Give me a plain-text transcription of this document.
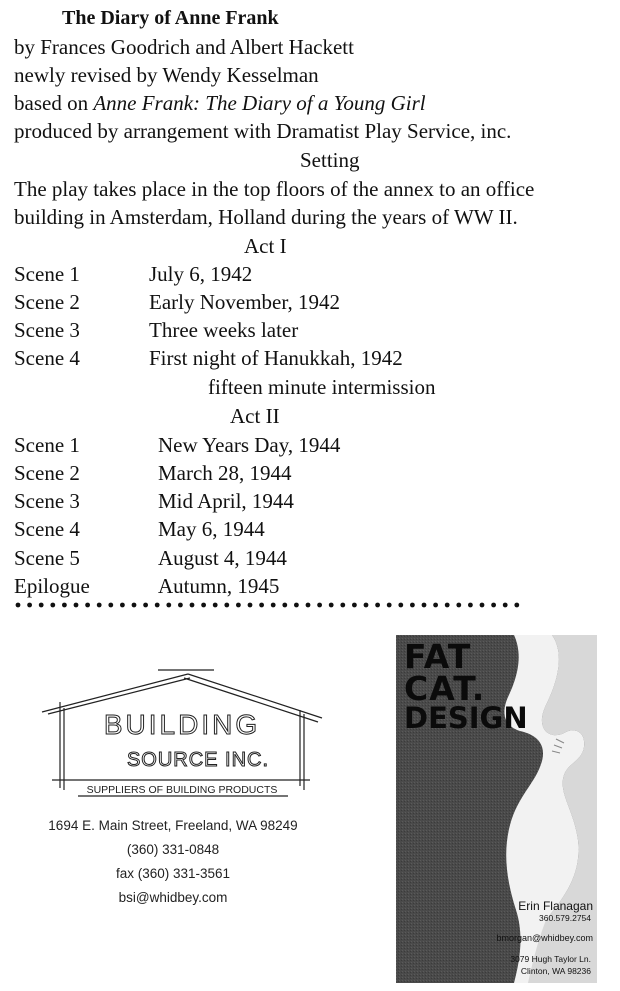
The Diary of Anne Frank
by Frances Goodrich and Albert Hackett
newly revised by Wendy Kesselman
based on Anne Frank: The Diary of a Young Girl
produced by arrangement with Dramatist Play Service, inc.
Setting
The play takes place in the top floors of the annex to an office
building in Amsterdam, Holland during the years of WW II.
Act I
Scene 1	July 6, 1942
Scene 2	Early November, 1942
Scene 3	Three weeks later
Scene 4	First night of Hanukkah, 1942
fifteen minute intermission
Act II
Scene 1	New Years Day, 1944
Scene 2	March 28, 1944
Scene 3	Mid April, 1944
Scene 4	May 6, 1944
Scene 5	August 4, 1944
Epilogue	Autumn, 1945
BUILDING
SOURCE INC.
SUPPLIERS OF BUILDING PRODUCTS
1694 E. Main Street, Freeland, WA 98249
(360) 331-0848
fax (360) 331-3561
bsi@whidbey.com
FAT
CAT.
DESIGN
Erin Flanagan
360.579.2754
bmorgan@whidbey.com
3079 Hugh Taylor Ln.
Clinton, WA 98236
